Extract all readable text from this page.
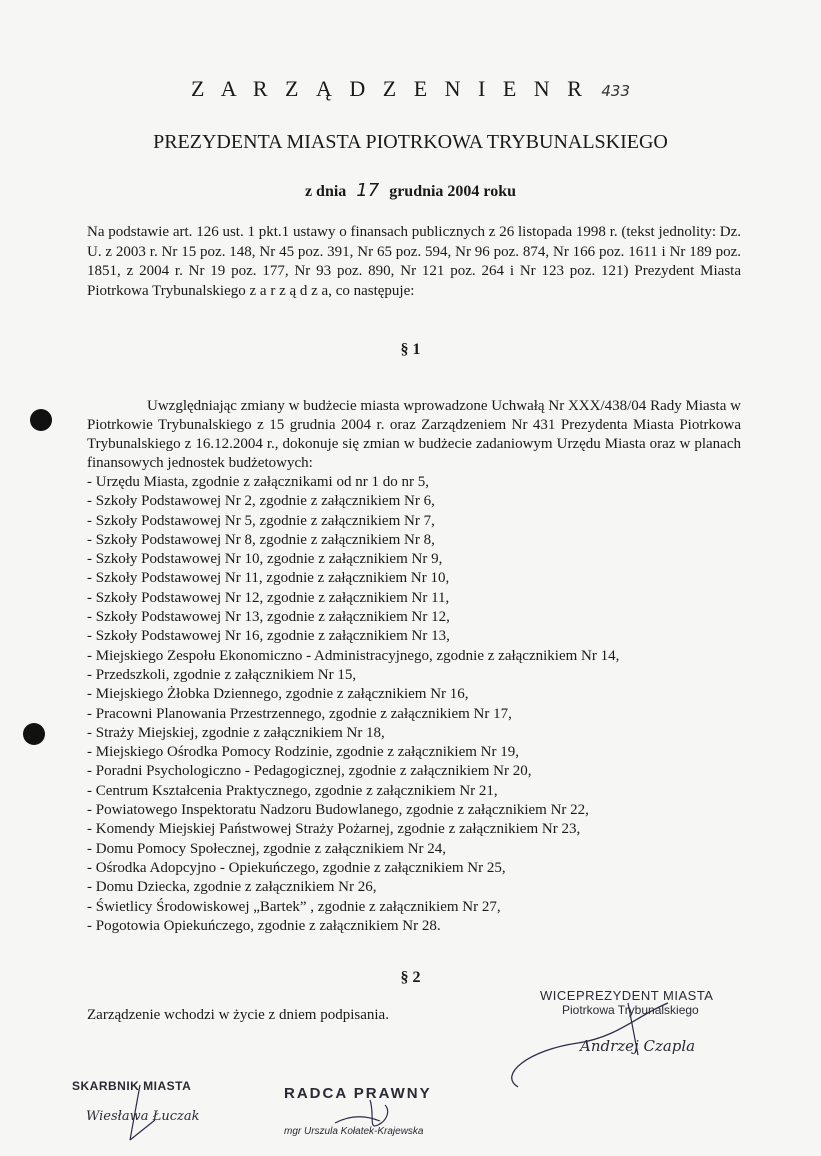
Z A R Z Ą D Z E N I E N R 433
PREZYDENTA MIASTA PIOTRKOWA TRYBUNALSKIEGO
z dnia 17 grudnia 2004 roku

Na podstawie art. 126 ust. 1 pkt.1 ustawy o finansach publicznych z 26 listopada 1998 r. (tekst jednolity: Dz. U. z 2003 r. Nr 15 poz. 148, Nr 45 poz. 391, Nr 65 poz. 594, Nr 96 poz. 874, Nr 166 poz. 1611 i Nr 189 poz. 1851, z 2004 r. Nr 19 poz. 177, Nr 93 poz. 890, Nr 121 poz. 264 i Nr 123 poz. 121) Prezydent Miasta Piotrkowa Trybunalskiego z a r z ą d z a, co następuje:

§ 1

Uwzględniając zmiany w budżecie miasta wprowadzone Uchwałą Nr XXX/438/04 Rady Miasta w Piotrkowie Trybunalskiego z 15 grudnia 2004 r. oraz Zarządzeniem Nr 431 Prezydenta Miasta Piotrkowa Trybunalskiego z 16.12.2004 r., dokonuje się zmian w budżecie zadaniowym Urzędu Miasta oraz w planach finansowych jednostek budżetowych:

- Urzędu Miasta, zgodnie z załącznikami od nr 1 do nr 5,
- Szkoły Podstawowej Nr 2, zgodnie z załącznikiem Nr 6,
- Szkoły Podstawowej Nr 5, zgodnie z załącznikiem Nr 7,
- Szkoły Podstawowej Nr 8, zgodnie z załącznikiem Nr 8,
- Szkoły Podstawowej Nr 10, zgodnie z załącznikiem Nr 9,
- Szkoły Podstawowej Nr 11, zgodnie z załącznikiem Nr 10,
- Szkoły Podstawowej Nr 12, zgodnie z załącznikiem Nr 11,
- Szkoły Podstawowej Nr 13, zgodnie z załącznikiem Nr 12,
- Szkoły Podstawowej Nr 16, zgodnie z załącznikiem Nr 13,
- Miejskiego Zespołu Ekonomiczno - Administracyjnego, zgodnie z załącznikiem Nr 14,
- Przedszkoli, zgodnie z załącznikiem Nr 15,
- Miejskiego Żłobka Dziennego, zgodnie z załącznikiem Nr 16,
- Pracowni Planowania Przestrzennego, zgodnie z załącznikiem Nr 17,
- Straży Miejskiej, zgodnie z załącznikiem Nr 18,
- Miejskiego Ośrodka Pomocy Rodzinie, zgodnie z załącznikiem Nr 19,
- Poradni Psychologiczno - Pedagogicznej, zgodnie z załącznikiem Nr 20,
- Centrum Kształcenia Praktycznego, zgodnie z załącznikiem Nr 21,
- Powiatowego Inspektoratu Nadzoru Budowlanego, zgodnie z załącznikiem Nr 22,
- Komendy Miejskiej Państwowej Straży Pożarnej, zgodnie z załącznikiem Nr 23,
- Domu Pomocy Społecznej, zgodnie z załącznikiem Nr 24,
- Ośrodka Adopcyjno - Opiekuńczego, zgodnie z załącznikiem Nr 25,
- Domu Dziecka, zgodnie z załącznikiem Nr 26,
- Świetlicy Środowiskowej „Bartek” , zgodnie z załącznikiem Nr 27,
- Pogotowia Opiekuńczego, zgodnie z załącznikiem Nr 28.
§ 2

Zarządzenie wchodzi w życie z dniem podpisania.

WICEPREZYDENT MIASTA
Piotrkowa Trybunalskiego
Andrzej Czapla
SKARBNIK MIASTA
Wiesława Łuczak
RADCA PRAWNY
mgr Urszula Kołatek-Krajewska
